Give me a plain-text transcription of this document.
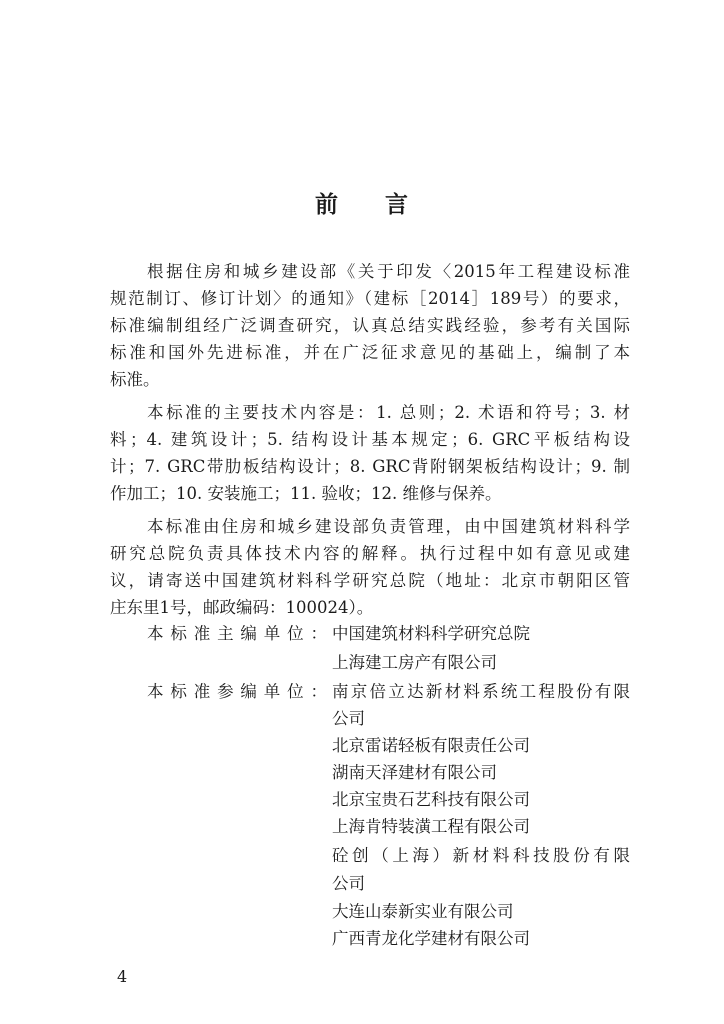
前 言
根据住房和城乡建设部《关于印发〈2015年工程建设标准
规范制订、修订计划〉的通知》（建标［2014］189号）的要求，
标准编制组经广泛调查研究，认真总结实践经验，参考有关国际
标准和国外先进标准，并在广泛征求意见的基础上，编制了本
标准。
本标准的主要技术内容是：1. 总则；2. 术语和符号；3. 材
料；4. 建筑设计；5. 结构设计基本规定；6. GRC平板结构设
计；7. GRC带肋板结构设计；8. GRC背附钢架板结构设计；9. 制
作加工；10. 安装施工；11. 验收；12. 维修与保养。
本标准由住房和城乡建设部负责管理，由中国建筑材料科学
研究总院负责具体技术内容的解释。执行过程中如有意见或建
议，请寄送中国建筑材料科学研究总院（地址：北京市朝阳区管
庄东里1号，邮政编码：100024）。
本标准主编单位： 中国建筑材料科学研究总院
上海建工房产有限公司
本标准参编单位： 南京倍立达新材料系统工程股份有限
公司
北京雷诺轻板有限责任公司
湖南天泽建材有限公司
北京宝贵石艺科技有限公司
上海肯特装潢工程有限公司
砼创（上海）新材料科技股份有限
公司
大连山泰新实业有限公司
广西青龙化学建材有限公司
4
